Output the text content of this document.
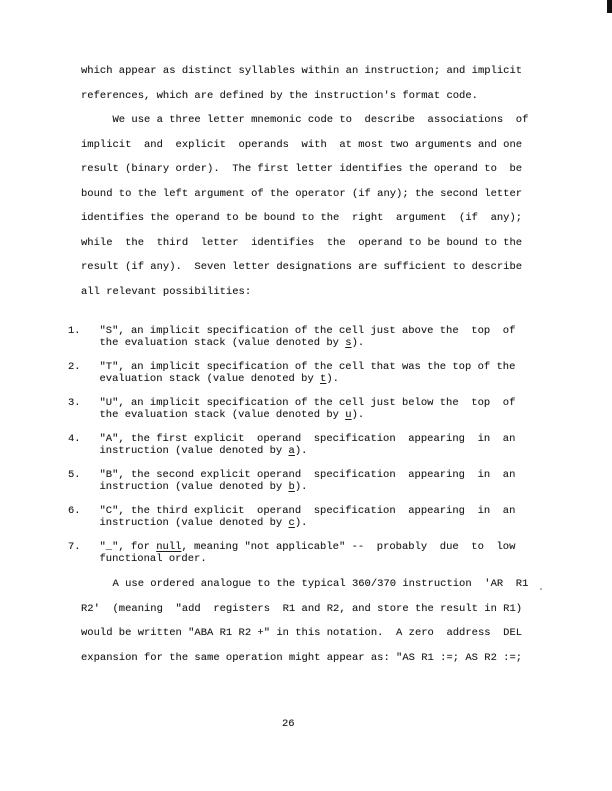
which appear as distinct syllables within an instruction; and implicit
references, which are defined by the instruction's format code.
We use a three letter mnemonic code to  describe  associations  of
implicit  and  explicit  operands  with  at most two arguments and one
result (binary order).  The first letter identifies the operand to  be
bound to the left argument of the operator (if any); the second letter
identifies the operand to be bound to the  right  argument  (if  any);
while  the  third  letter  identifies  the  operand to be bound to the
result (if any).  Seven letter designations are sufficient to describe
all relevant possibilities:
1.   "S", an implicit specification of the cell just above the  top  of
the evaluation stack (value denoted by s).
2.   "T", an implicit specification of the cell that was the top of the
evaluation stack (value denoted by t).
3.   "U", an implicit specification of the cell just below the  top  of
the evaluation stack (value denoted by u).
4.   "A", the first explicit  operand  specification  appearing  in  an
instruction (value denoted by a).
5.   "B", the second explicit operand  specification  appearing  in  an
instruction (value denoted by b).
6.   "C", the third explicit  operand  specification  appearing  in  an
instruction (value denoted by c).
7.   "_", for null, meaning "not applicable" --  probably  due  to  low
functional order.
A use ordered analogue to the typical 360/370 instruction  'AR  R1
R2'  (meaning  "add  registers  R1 and R2, and store the result in R1)
would be written "ABA R1 R2 +" in this notation.  A zero  address  DEL
expansion for the same operation might appear as: "AS R1 :=; AS R2 :=;
26
